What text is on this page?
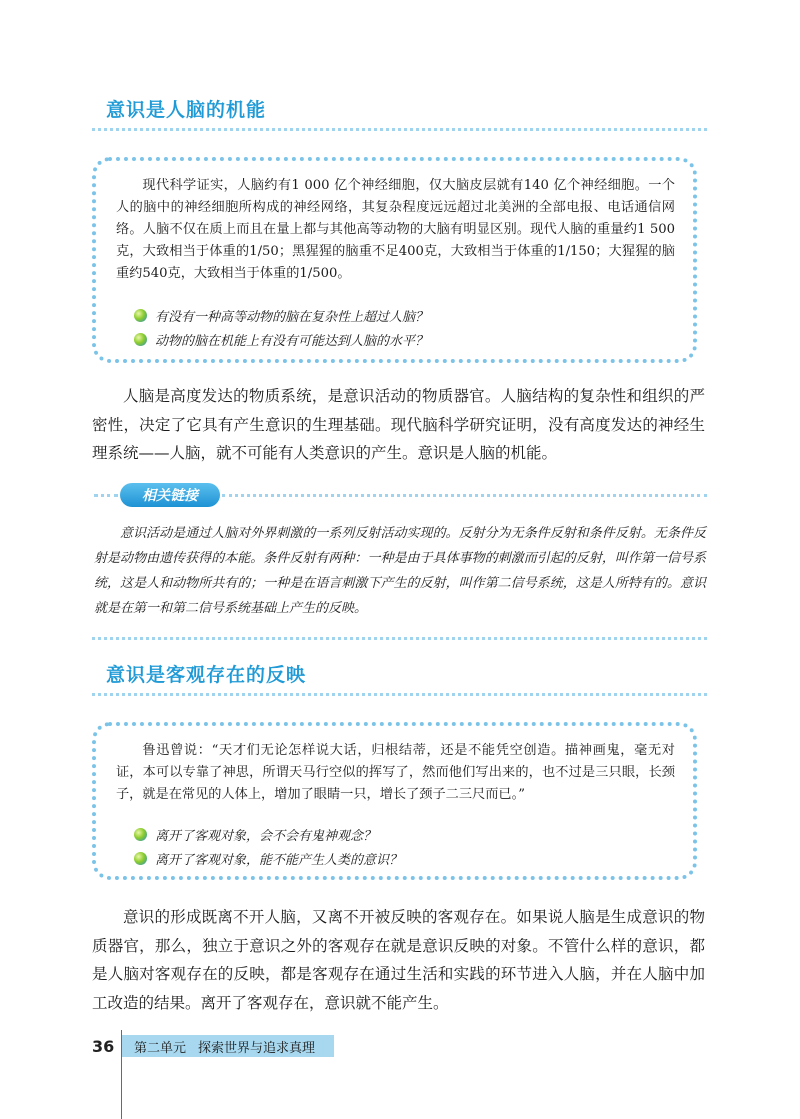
意识是人脑的机能

现代科学证实，人脑约有1 000 亿个神经细胞，仅大脑皮层就有140 亿个神经细胞。一个人的脑中的神经细胞所构成的神经网络，其复杂程度远远超过北美洲的全部电报、电话通信网络。人脑不仅在质上而且在量上都与其他高等动物的大脑有明显区别。现代人脑的重量约1 500 克，大致相当于体重的1/50；黑猩猩的脑重不足400克，大致相当于体重的1/150；大猩猩的脑重约540克，大致相当于体重的1/500。

有没有一种高等动物的脑在复杂性上超过人脑？
动物的脑在机能上有没有可能达到人脑的水平？

人脑是高度发达的物质系统，是意识活动的物质器官。人脑结构的复杂性和组织的严密性，决定了它具有产生意识的生理基础。现代脑科学研究证明，没有高度发达的神经生理系统——人脑，就不可能有人类意识的产生。意识是人脑的机能。

相关链接

意识活动是通过人脑对外界刺激的一系列反射活动实现的。反射分为无条件反射和条件反射。无条件反射是动物由遗传获得的本能。条件反射有两种：一种是由于具体事物的刺激而引起的反射，叫作第一信号系统，这是人和动物所共有的；一种是在语言刺激下产生的反射，叫作第二信号系统，这是人所特有的。意识就是在第一和第二信号系统基础上产生的反映。

意识是客观存在的反映

鲁迅曾说：“天才们无论怎样说大话，归根结蒂，还是不能凭空创造。描神画鬼，毫无对证，本可以专靠了神思，所谓天马行空似的挥写了，然而他们写出来的，也不过是三只眼，长颈子，就是在常见的人体上，增加了眼睛一只，增长了颈子二三尺而已。”

离开了客观对象，会不会有鬼神观念？
离开了客观对象，能不能产生人类的意识？

意识的形成既离不开人脑，又离不开被反映的客观存在。如果说人脑是生成意识的物质器官，那么，独立于意识之外的客观存在就是意识反映的对象。不管什么样的意识，都是人脑对客观存在的反映，都是客观存在通过生活和实践的环节进入人脑，并在人脑中加工改造的结果。离开了客观存在，意识就不能产生。

36 第二单元 探索世界与追求真理
